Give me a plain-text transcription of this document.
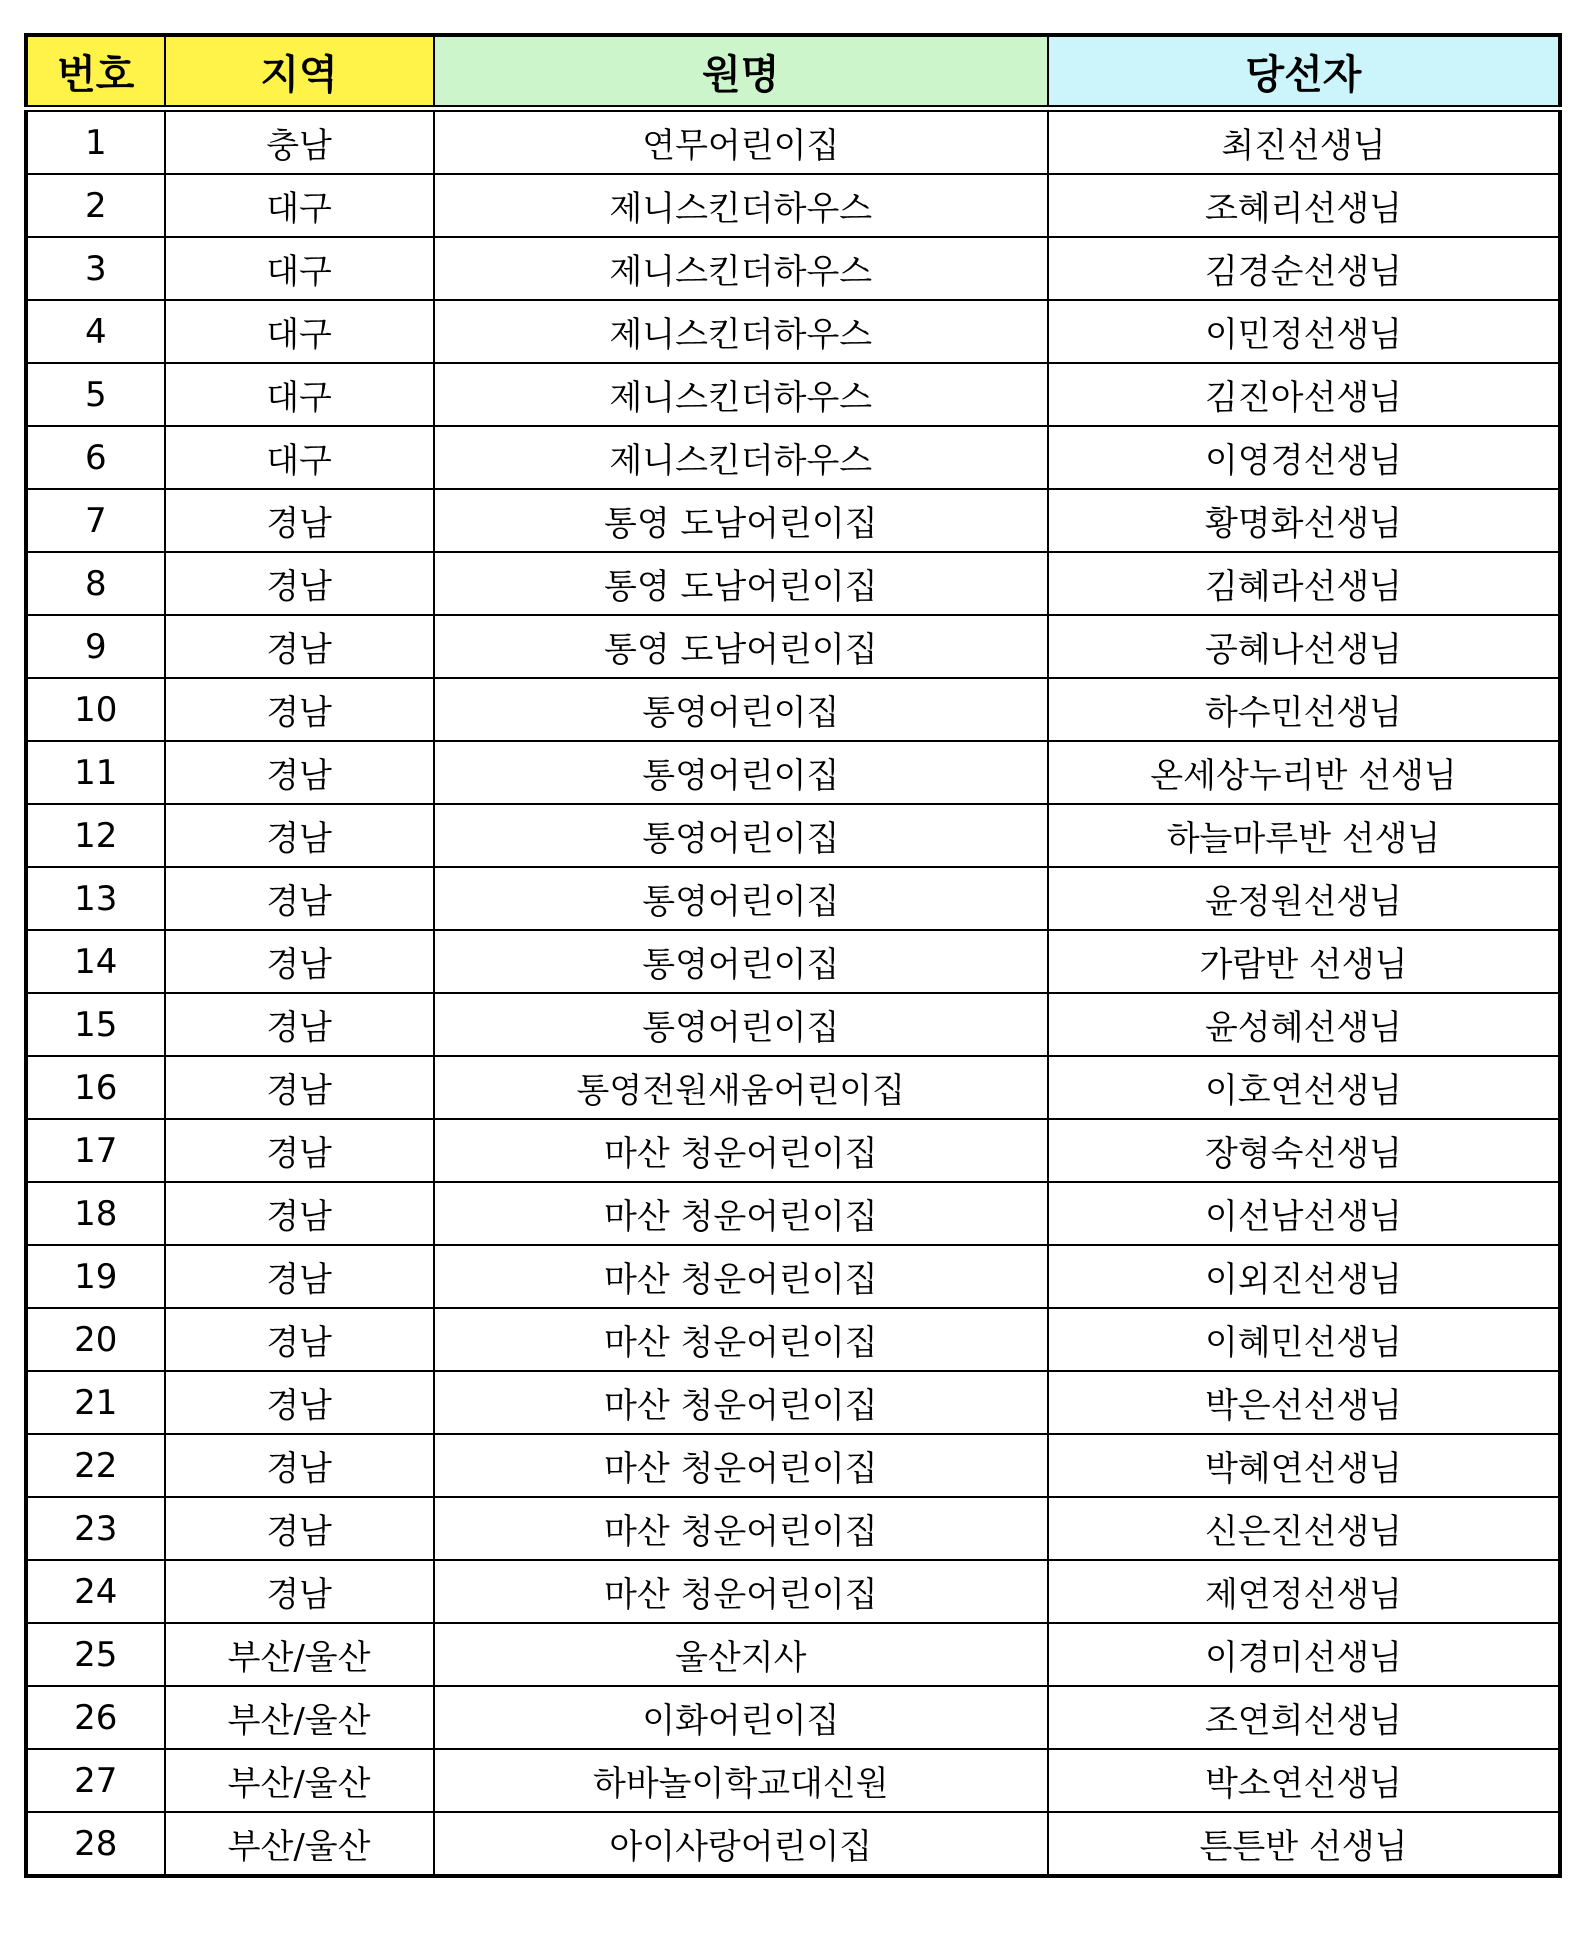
번호	지역	원명	당선자
1	충남	연무어린이집	최진선생님
2	대구	제니스킨더하우스	조혜리선생님
3	대구	제니스킨더하우스	김경순선생님
4	대구	제니스킨더하우스	이민정선생님
5	대구	제니스킨더하우스	김진아선생님
6	대구	제니스킨더하우스	이영경선생님
7	경남	통영 도남어린이집	황명화선생님
8	경남	통영 도남어린이집	김혜라선생님
9	경남	통영 도남어린이집	공혜나선생님
10	경남	통영어린이집	하수민선생님
11	경남	통영어린이집	온세상누리반 선생님
12	경남	통영어린이집	하늘마루반 선생님
13	경남	통영어린이집	윤정원선생님
14	경남	통영어린이집	가람반 선생님
15	경남	통영어린이집	윤성혜선생님
16	경남	통영전원새움어린이집	이호연선생님
17	경남	마산 청운어린이집	장형숙선생님
18	경남	마산 청운어린이집	이선남선생님
19	경남	마산 청운어린이집	이외진선생님
20	경남	마산 청운어린이집	이혜민선생님
21	경남	마산 청운어린이집	박은선선생님
22	경남	마산 청운어린이집	박혜연선생님
23	경남	마산 청운어린이집	신은진선생님
24	경남	마산 청운어린이집	제연정선생님
25	부산/울산	울산지사	이경미선생님
26	부산/울산	이화어린이집	조연희선생님
27	부산/울산	하바놀이학교대신원	박소연선생님
28	부산/울산	아이사랑어린이집	튼튼반 선생님
